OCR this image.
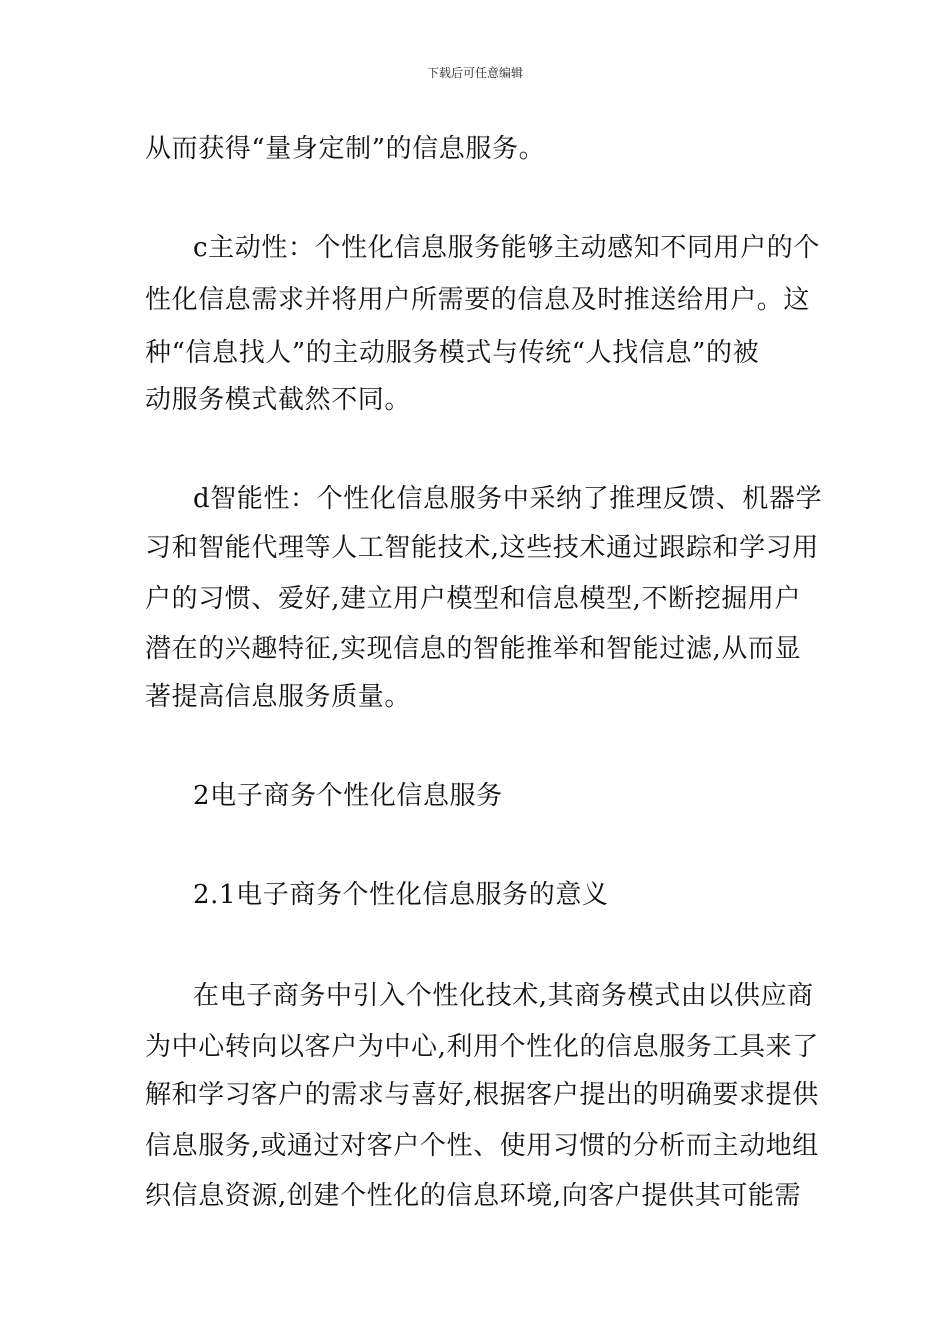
下载后可任意编辑
从而获得“量身定制”的信息服务。
c主动性：个性化信息服务能够主动感知不同用户的个
性化信息需求并将用户所需要的信息及时推送给用户。这
种“信息找人”的主动服务模式与传统“人找信息”的被
动服务模式截然不同。
d智能性：个性化信息服务中采纳了推理反馈、机器学
习和智能代理等人工智能技术,这些技术通过跟踪和学习用
户的习惯、爱好,建立用户模型和信息模型,不断挖掘用户
潜在的兴趣特征,实现信息的智能推举和智能过滤,从而显
著提高信息服务质量。
2电子商务个性化信息服务
2.1电子商务个性化信息服务的意义
在电子商务中引入个性化技术,其商务模式由以供应商
为中心转向以客户为中心,利用个性化的信息服务工具来了
解和学习客户的需求与喜好,根据客户提出的明确要求提供
信息服务,或通过对客户个性、使用习惯的分析而主动地组
织信息资源,创建个性化的信息环境,向客户提供其可能需
